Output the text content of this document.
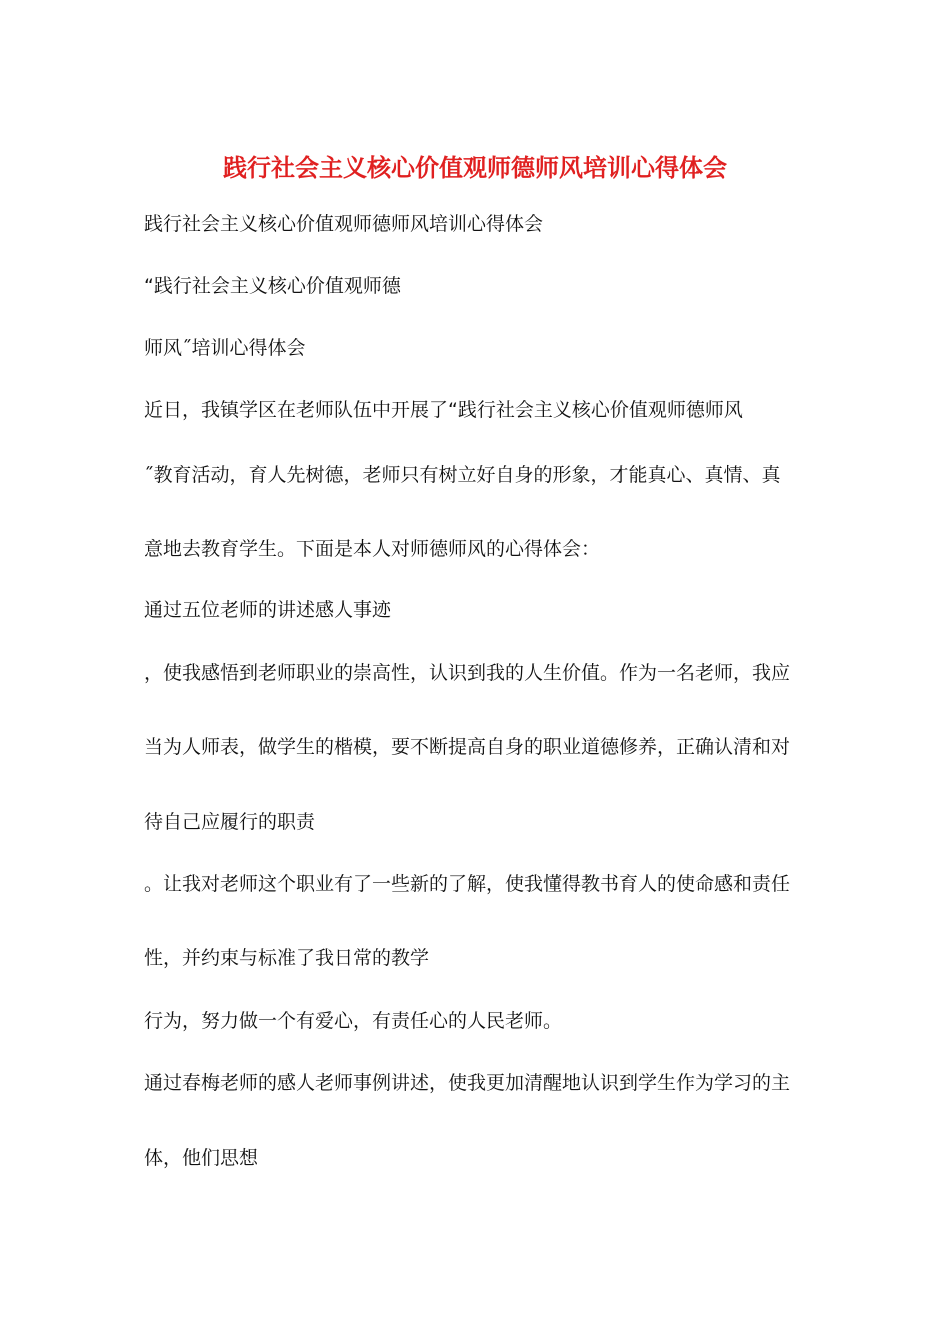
践行社会主义核心价值观师德师风培训心得体会
践行社会主义核心价值观师德师风培训心得体会
“践行社会主义核心价值观师德
师风˝培训心得体会
近日，我镇学区在老师队伍中开展了“践行社会主义核心价值观师德师风
˝教育活动，育人先树德，老师只有树立好自身的形象，才能真心、真情、真
意地去教育学生。下面是本人对师德师风的心得体会：
通过五位老师的讲述感人事迹
，使我感悟到老师职业的崇高性，认识到我的人生价值。作为一名老师，我应
当为人师表，做学生的楷模，要不断提高自身的职业道德修养，正确认清和对
待自己应履行的职责
。让我对老师这个职业有了一些新的了解，使我懂得教书育人的使命感和责任
性，并约束与标准了我日常的教学
行为，努力做一个有爱心，有责任心的人民老师。
通过春梅老师的感人老师事例讲述，使我更加清醒地认识到学生作为学习的主
体，他们思想
